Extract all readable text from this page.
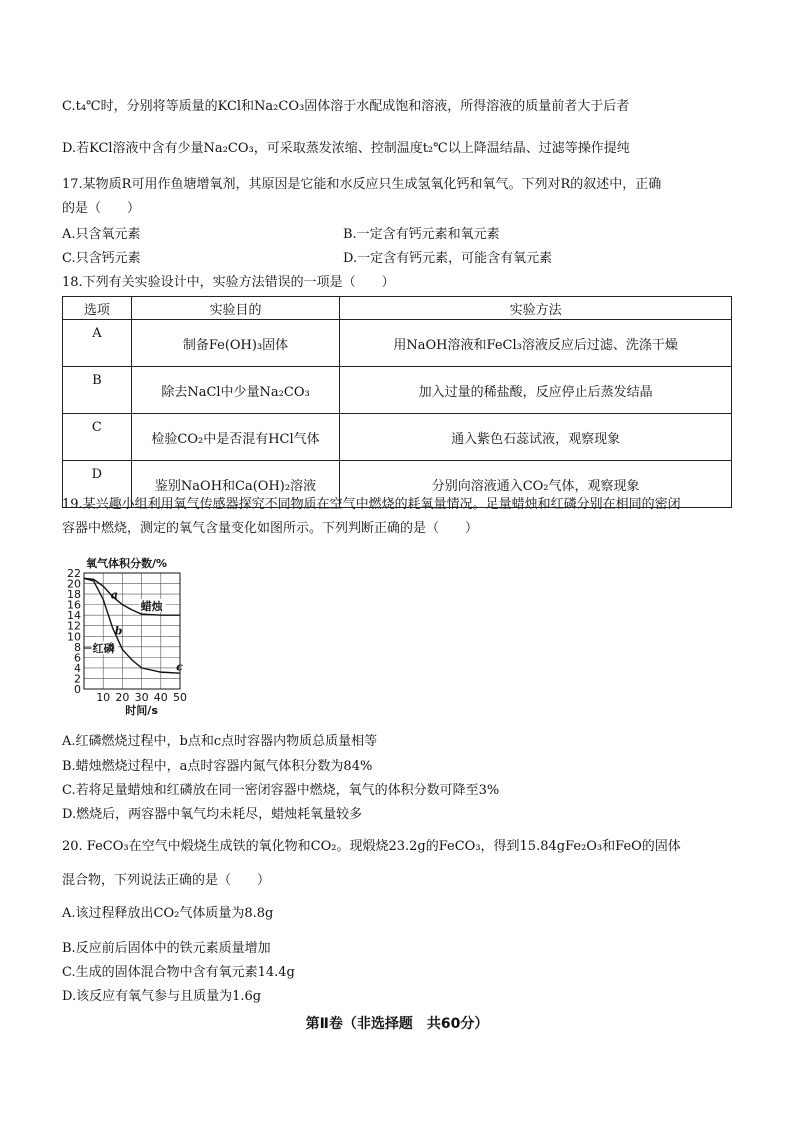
C.t₄℃时，分别将等质量的KCl和Na₂CO₃固体溶于水配成饱和溶液，所得溶液的质量前者大于后者
D.若KCl溶液中含有少量Na₂CO₃，可采取蒸发浓缩、控制温度t₂℃以上降温结晶、过滤等操作提纯
17.某物质R可用作鱼塘增氧剂，其原因是它能和水反应只生成氢氧化钙和氧气。下列对R的叙述中，正确
的是（　　）
A.只含氧元素	B.一定含有钙元素和氧元素
C.只含钙元素	D.一定含有钙元素，可能含有氧元素
18.下列有关实验设计中，实验方法错误的一项是（　　）
选项	实验目的	实验方法
A	制备Fe(OH)₃固体	用NaOH溶液和FeCl₃溶液反应后过滤、洗涤干燥
B	除去NaCl中少量Na₂CO₃	加入过量的稀盐酸，反应停止后蒸发结晶
C	检验CO₂中是否混有HCl气体	通入紫色石蕊试液，观察现象
D	鉴别NaOH和Ca(OH)₂溶液	分别向溶液通入CO₂气体，观察现象
19.某兴趣小组利用氧气传感器探究不同物质在空气中燃烧的耗氧量情况。足量蜡烛和红磷分别在相同的密闭
容器中燃烧，测定的氧气含量变化如图所示。下列判断正确的是（　　）
0
2
4
6
8
10
12
14
16
18
20
22
10 20 30 40 50
氧气体积分数/%
时间/s
蜡烛
红磷
a
b
c
A.红磷燃烧过程中，b点和c点时容器内物质总质量相等
B.蜡烛燃烧过程中，a点时容器内氮气体积分数为84%
C.若将足量蜡烛和红磷放在同一密闭容器中燃烧，氧气的体积分数可降至3%
D.燃烧后，两容器中氧气均未耗尽，蜡烛耗氧量较多
20. FeCO₃在空气中煅烧生成铁的氧化物和CO₂。现煅烧23.2g的FeCO₃，得到15.84gFe₂O₃和FeO的固体
混合物，下列说法正确的是（　　）
A.该过程释放出CO₂气体质量为8.8g
B.反应前后固体中的铁元素质量增加
C.生成的固体混合物中含有氧元素14.4g
D.该反应有氧气参与且质量为1.6g
第Ⅱ卷（非选择题　共60分）
